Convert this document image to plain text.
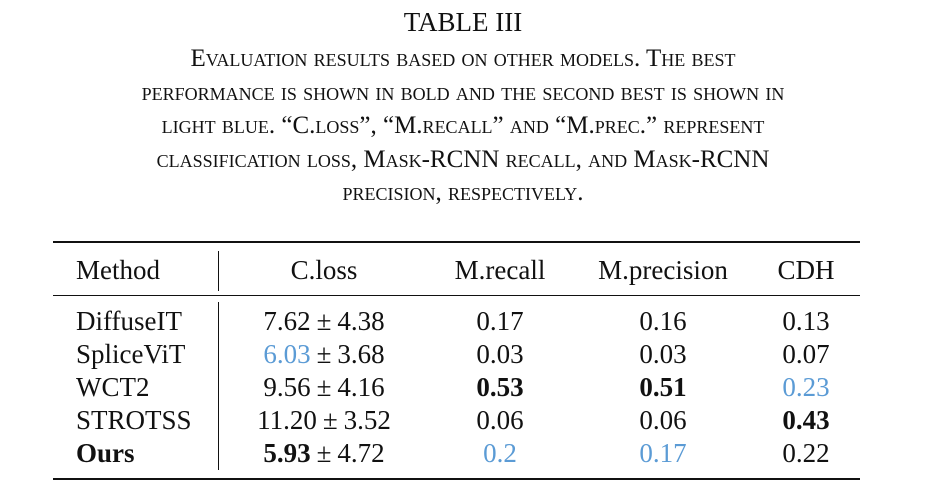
TABLE III
Evaluation results based on other models. The best
performance is shown in bold and the second best is shown in
light blue. “C.loss”, “M.recall” and “M.prec.” represent
classification loss, Mask-RCNN recall, and Mask-RCNN
precision, respectively.
Method	C.loss	M.recall	M.precision	CDH
DiffuseIT	7.62 ± 4.38	0.17	0.16	0.13
SpliceViT	6.03 ± 3.68	0.03	0.03	0.07
WCT2	9.56 ± 4.16	0.53	0.51	0.23
STROTSS	11.20 ± 3.52	0.06	0.06	0.43
Ours	5.93 ± 4.72	0.2	0.17	0.22
